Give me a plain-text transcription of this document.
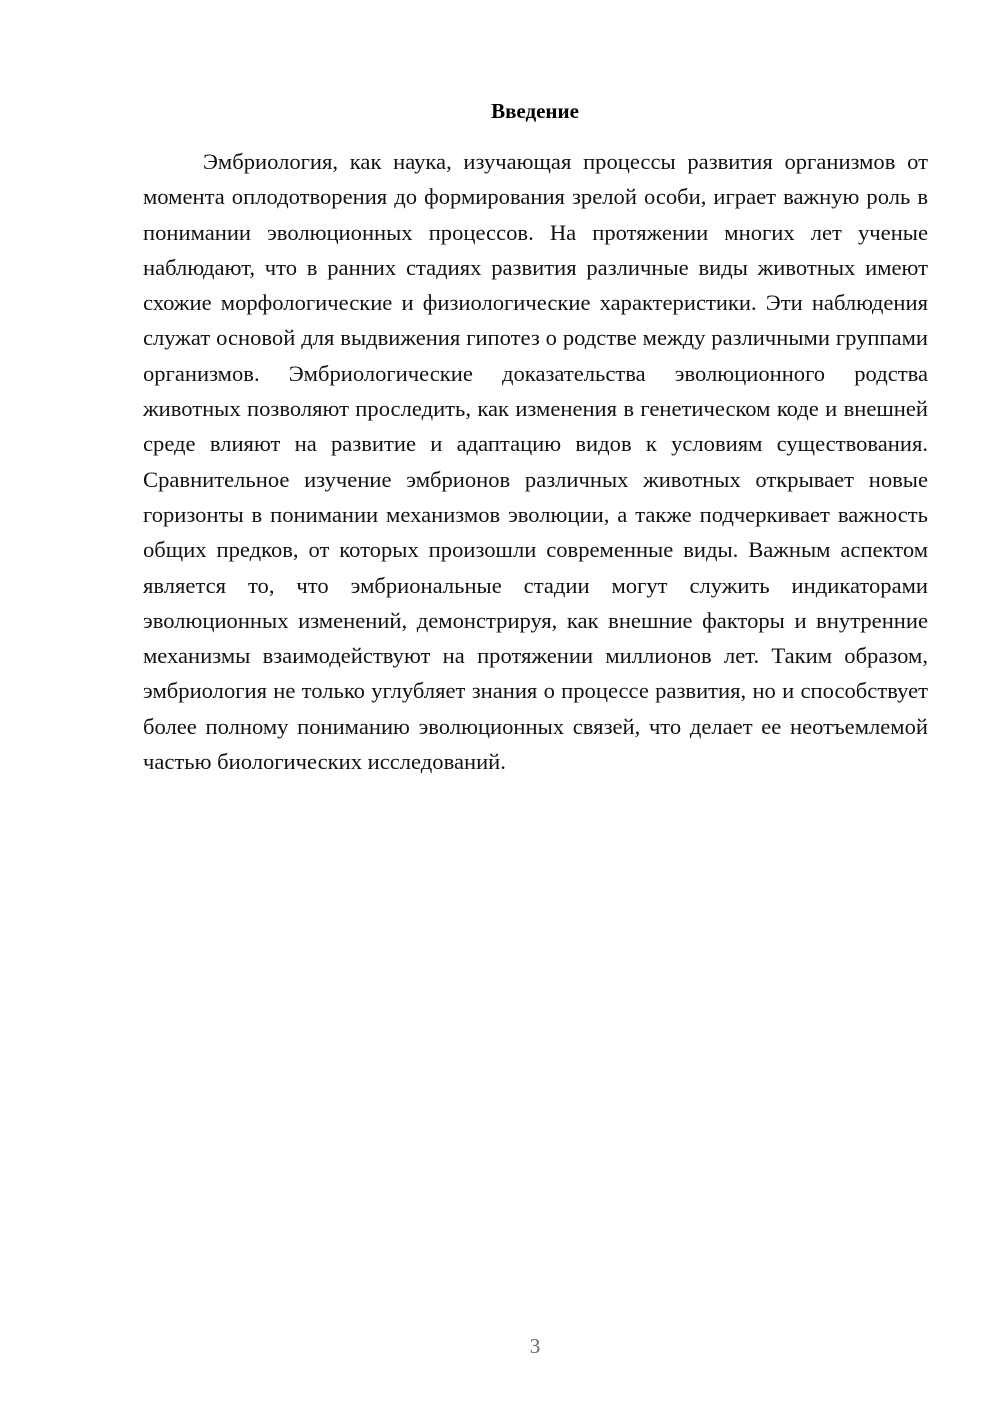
Введение

Эмбриология, как наука, изучающая процессы развития организмов от момента оплодотворения до формирования зрелой особи, играет важную роль в понимании эволюционных процессов. На протяжении многих лет ученые наблюдают, что в ранних стадиях развития различные виды животных имеют схожие морфологические и физиологические характеристики. Эти наблюдения служат основой для выдвижения гипотез о родстве между различными группами организмов. Эмбриологические доказательства эволюционного родства животных позволяют проследить, как изменения в генетическом коде и внешней среде влияют на развитие и адаптацию видов к условиям существования. Сравнительное изучение эмбрионов различных животных открывает новые горизонты в понимании механизмов эволюции, а также подчеркивает важность общих предков, от которых произошли современные виды. Важным аспектом является то, что эмбриональные стадии могут служить индикаторами эволюционных изменений, демонстрируя, как внешние факторы и внутренние механизмы взаимодействуют на протяжении миллионов лет. Таким образом, эмбриология не только углубляет знания о процессе развития, но и способствует более полному пониманию эволюционных связей, что делает ее неотъемлемой частью биологических исследований.

3
